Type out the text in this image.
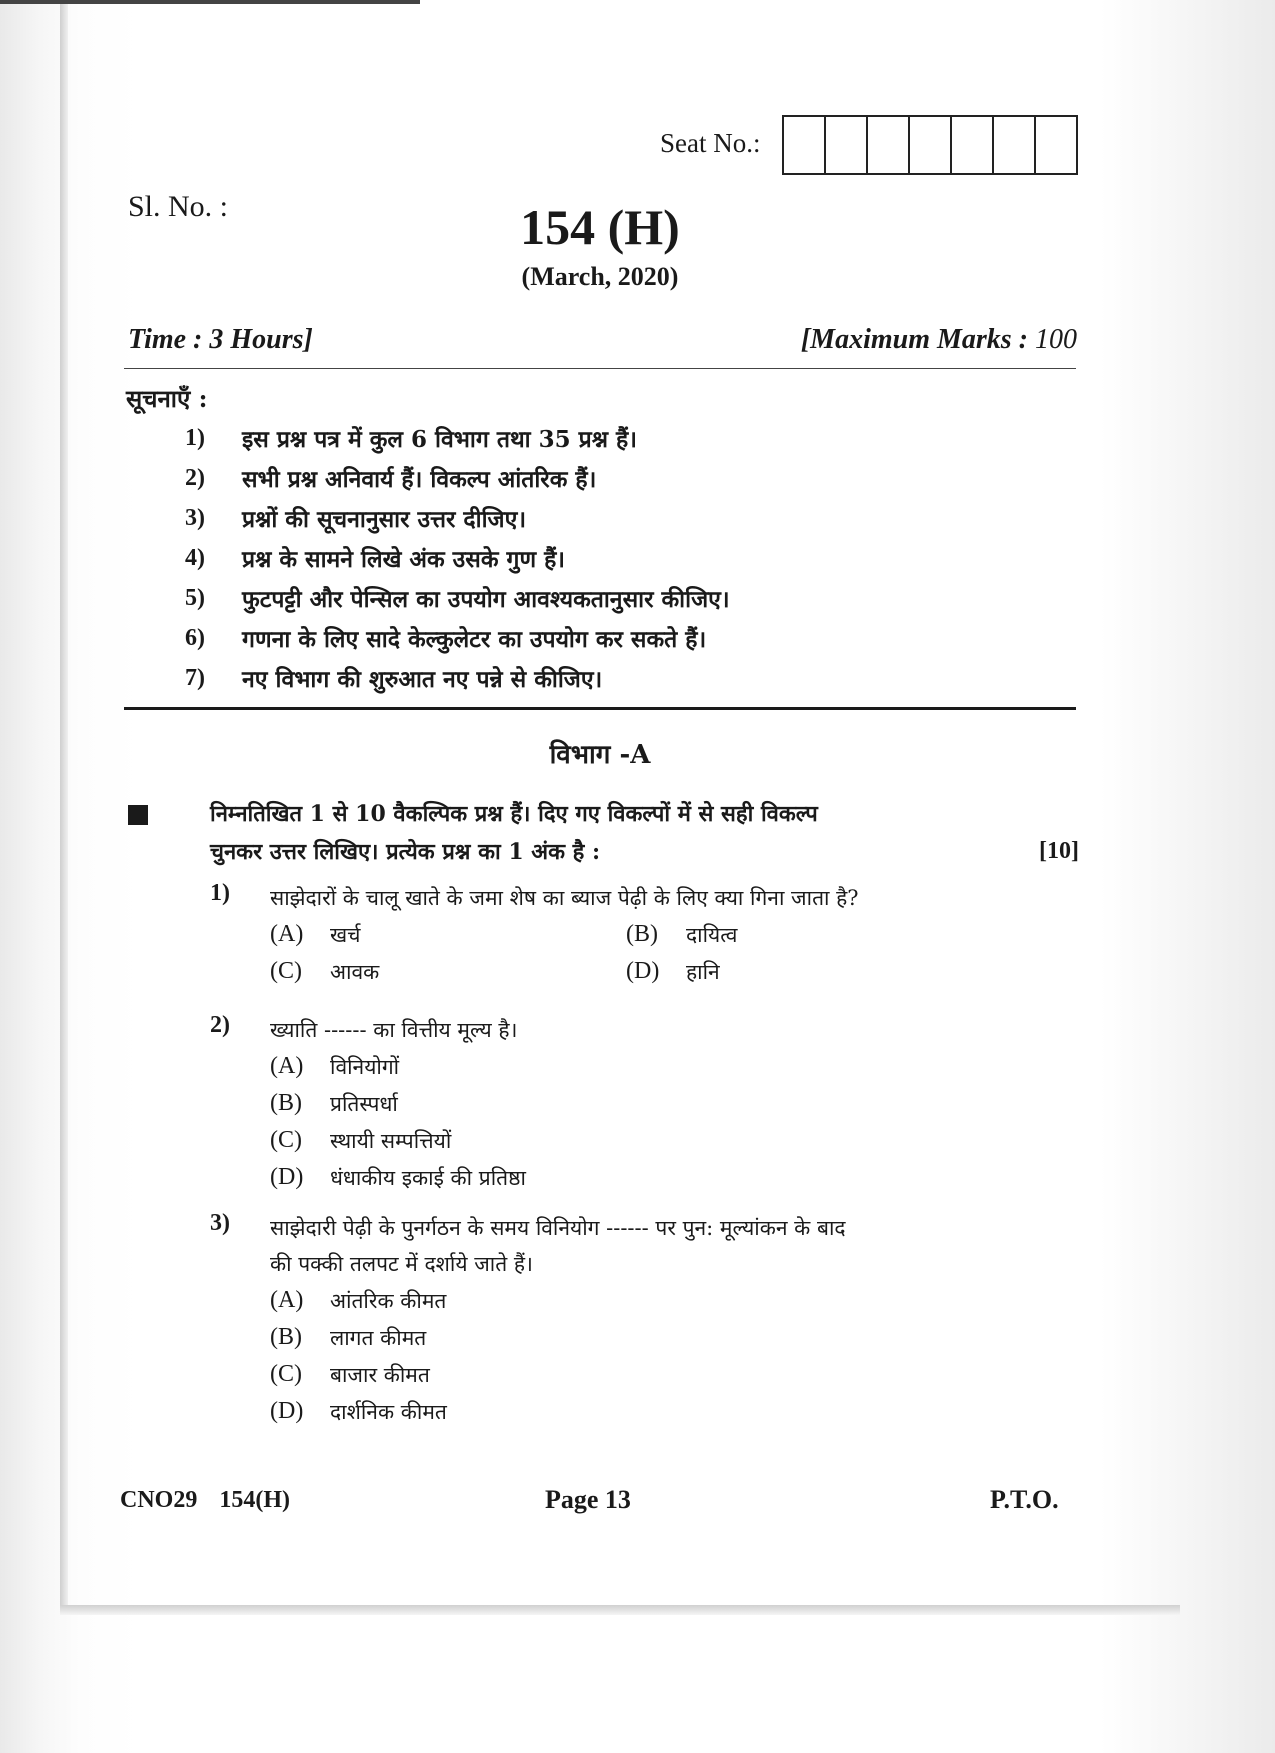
Seat No.:
Sl. No. :	154 (H)
(March, 2020)
Time : 3 Hours]	[Maximum Marks : 100
सूचनाएँ :
1)	इस प्रश्न पत्र में कुल 6 विभाग तथा 35 प्रश्न हैं।
2)	सभी प्रश्न अनिवार्य हैं। विकल्प आंतरिक हैं।
3)	प्रश्नों की सूचनानुसार उत्तर दीजिए।
4)	प्रश्न के सामने लिखे अंक उसके गुण हैं।
5)	फुटपट्टी और पेन्सिल का उपयोग आवश्यकतानुसार कीजिए।
6)	गणना के लिए सादे केल्कुलेटर का उपयोग कर सकते हैं।
7)	नए विभाग की शुरुआत नए पन्ने से कीजिए।
विभाग -A
निम्नतिखित 1 से 10 वैकल्पिक प्रश्न हैं। दिए गए विकल्पों में से सही विकल्प
चुनकर उत्तर लिखिए। प्रत्येक प्रश्न का 1 अंक है :	[10]
1) साझेदारों के चालू खाते के जमा शेष का ब्याज पेढ़ी के लिए क्या गिना जाता है?
(A)	खर्च	(B)	दायित्व
(C)	आवक	(D)	हानि
2) ख्याति ------ का वित्तीय मूल्य है।
(A)	विनियोगों
(B)	प्रतिस्पर्धा
(C)	स्थायी सम्पत्तियों
(D)	धंधाकीय इकाई की प्रतिष्ठा
3) साझेदारी पेढ़ी के पुनर्गठन के समय विनियोग ------ पर पुन: मूल्यांकन के बाद
की पक्की तलपट में दर्शाये जाते हैं।
(A)	आंतरिक कीमत
(B)	लागत कीमत
(C)	बाजार कीमत
(D)	दार्शनिक कीमत
CNO29 154(H)	Page 13	P.T.O.
